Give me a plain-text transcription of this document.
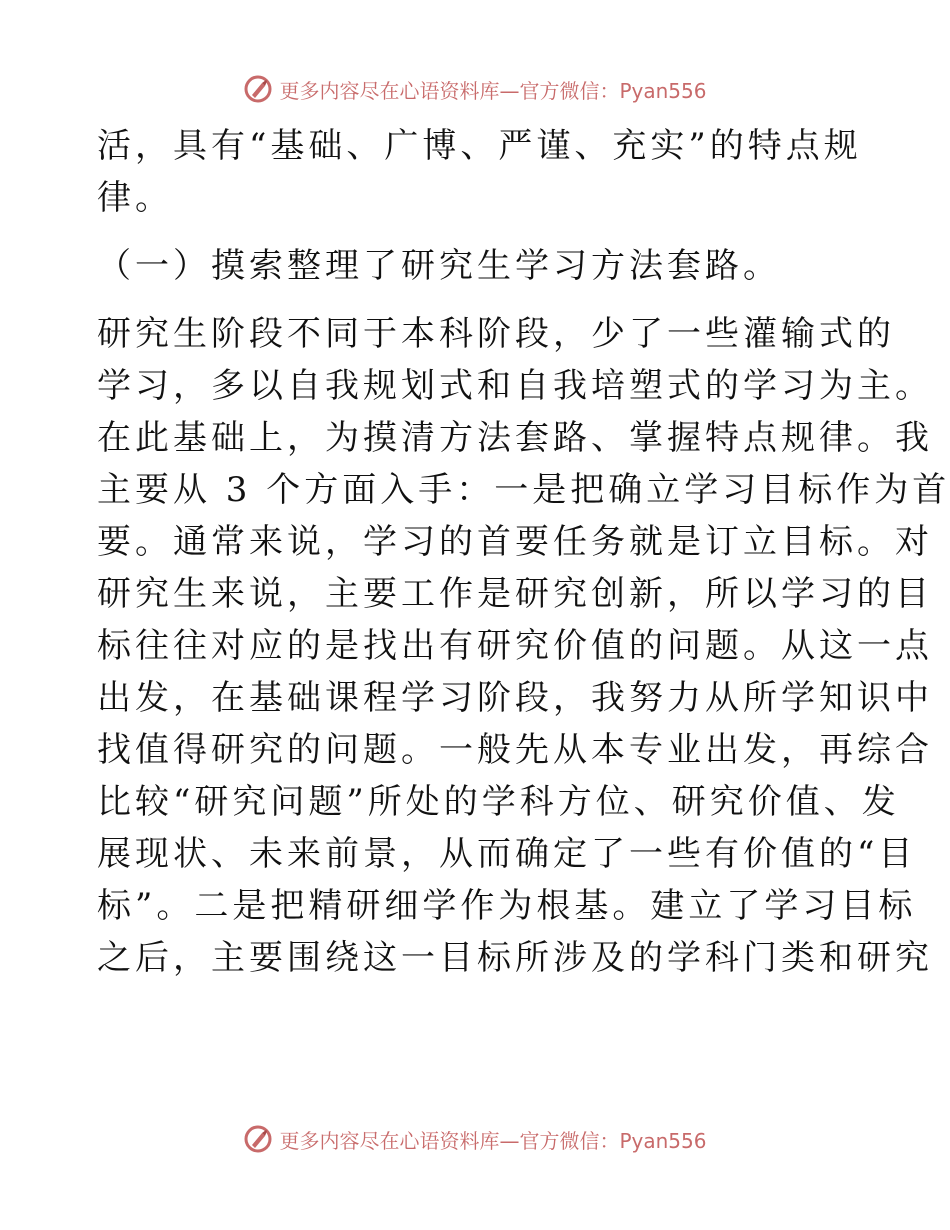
更多内容尽在心语资料库—官方微信：Pyan556

活，具有“基础、广博、严谨、充实”的特点规

律。

（一）摸索整理了研究生学习方法套路。

研究生阶段不同于本科阶段，少了一些灌输式的

学习，多以自我规划式和自我培塑式的学习为主。

在此基础上，为摸清方法套路、掌握特点规律。我

主要从 3 个方面入手：一是把确立学习目标作为首

要。通常来说，学习的首要任务就是订立目标。对

研究生来说，主要工作是研究创新，所以学习的目

标往往对应的是找出有研究价值的问题。从这一点

出发，在基础课程学习阶段，我努力从所学知识中

找值得研究的问题。一般先从本专业出发，再综合

比较“研究问题”所处的学科方位、研究价值、发

展现状、未来前景，从而确定了一些有价值的“目

标”。二是把精研细学作为根基。建立了学习目标

之后，主要围绕这一目标所涉及的学科门类和研究

更多内容尽在心语资料库—官方微信：Pyan556
